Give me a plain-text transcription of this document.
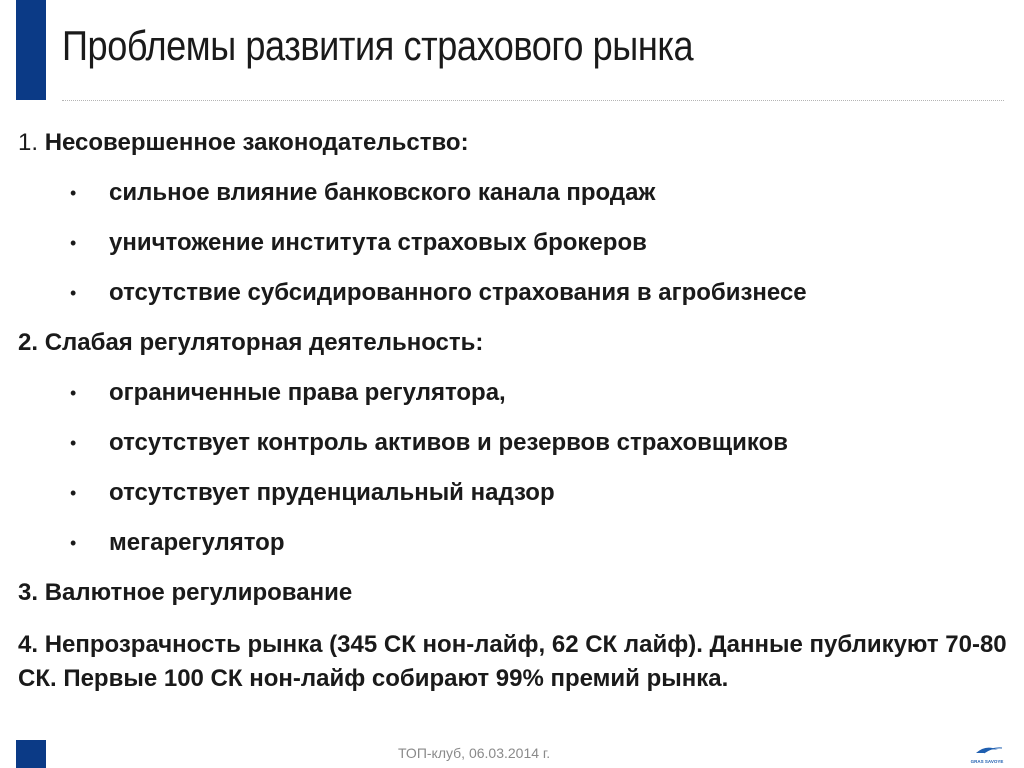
Проблемы развития страхового рынка
1. Несовершенное законодательство:
• сильное влияние банковского канала продаж
• уничтожение института страховых брокеров
• отсутствие субсидированного страхования в агробизнесе
2. Слабая регуляторная деятельность:
• ограниченные права регулятора,
• отсутствует контроль активов и резервов страховщиков
• отсутствует пруденциальный надзор
• мегарегулятор
3. Валютное регулирование
4. Непрозрачность рынка (345 СК нон-лайф, 62 СК лайф). Данные публикуют 70-80 СК. Первые 100 СК нон-лайф собирают 99% премий рынка.
ТОП-клуб, 06.03.2014 г.
GRAS SAVOYE
